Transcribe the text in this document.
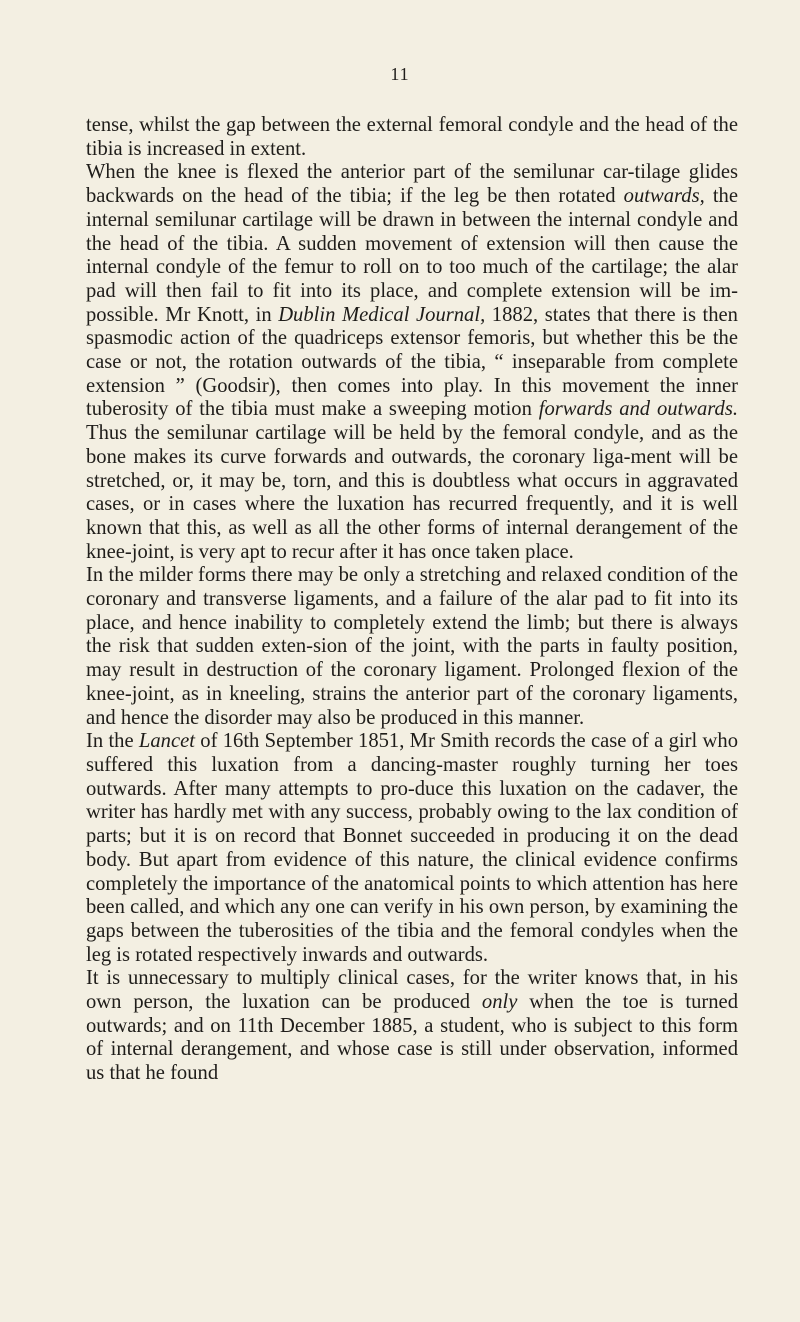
11

tense, whilst the gap between the external femoral condyle and the head of the tibia is increased in extent.

When the knee is flexed the anterior part of the semilunar car-tilage glides backwards on the head of the tibia; if the leg be then rotated outwards, the internal semilunar cartilage will be drawn in between the internal condyle and the head of the tibia. A sudden movement of extension will then cause the internal condyle of the femur to roll on to too much of the cartilage; the alar pad will then fail to fit into its place, and complete extension will be im-possible. Mr Knott, in Dublin Medical Journal, 1882, states that there is then spasmodic action of the quadriceps extensor femoris, but whether this be the case or not, the rotation outwards of the tibia, “ inseparable from complete extension ” (Goodsir), then comes into play. In this movement the inner tuberosity of the tibia must make a sweeping motion forwards and outwards. Thus the semilunar cartilage will be held by the femoral condyle, and as the bone makes its curve forwards and outwards, the coronary liga-ment will be stretched, or, it may be, torn, and this is doubtless what occurs in aggravated cases, or in cases where the luxation has recurred frequently, and it is well known that this, as well as all the other forms of internal derangement of the knee-joint, is very apt to recur after it has once taken place.

In the milder forms there may be only a stretching and relaxed condition of the coronary and transverse ligaments, and a failure of the alar pad to fit into its place, and hence inability to completely extend the limb; but there is always the risk that sudden exten-sion of the joint, with the parts in faulty position, may result in destruction of the coronary ligament. Prolonged flexion of the knee-joint, as in kneeling, strains the anterior part of the coronary ligaments, and hence the disorder may also be produced in this manner.

In the Lancet of 16th September 1851, Mr Smith records the case of a girl who suffered this luxation from a dancing-master roughly turning her toes outwards. After many attempts to pro-duce this luxation on the cadaver, the writer has hardly met with any success, probably owing to the lax condition of parts; but it is on record that Bonnet succeeded in producing it on the dead body. But apart from evidence of this nature, the clinical evidence confirms completely the importance of the anatomical points to which attention has here been called, and which any one can verify in his own person, by examining the gaps between the tuberosities of the tibia and the femoral condyles when the leg is rotated respectively inwards and outwards.

It is unnecessary to multiply clinical cases, for the writer knows that, in his own person, the luxation can be produced only when the toe is turned outwards; and on 11th December 1885, a student, who is subject to this form of internal derangement, and whose case is still under observation, informed us that he found
